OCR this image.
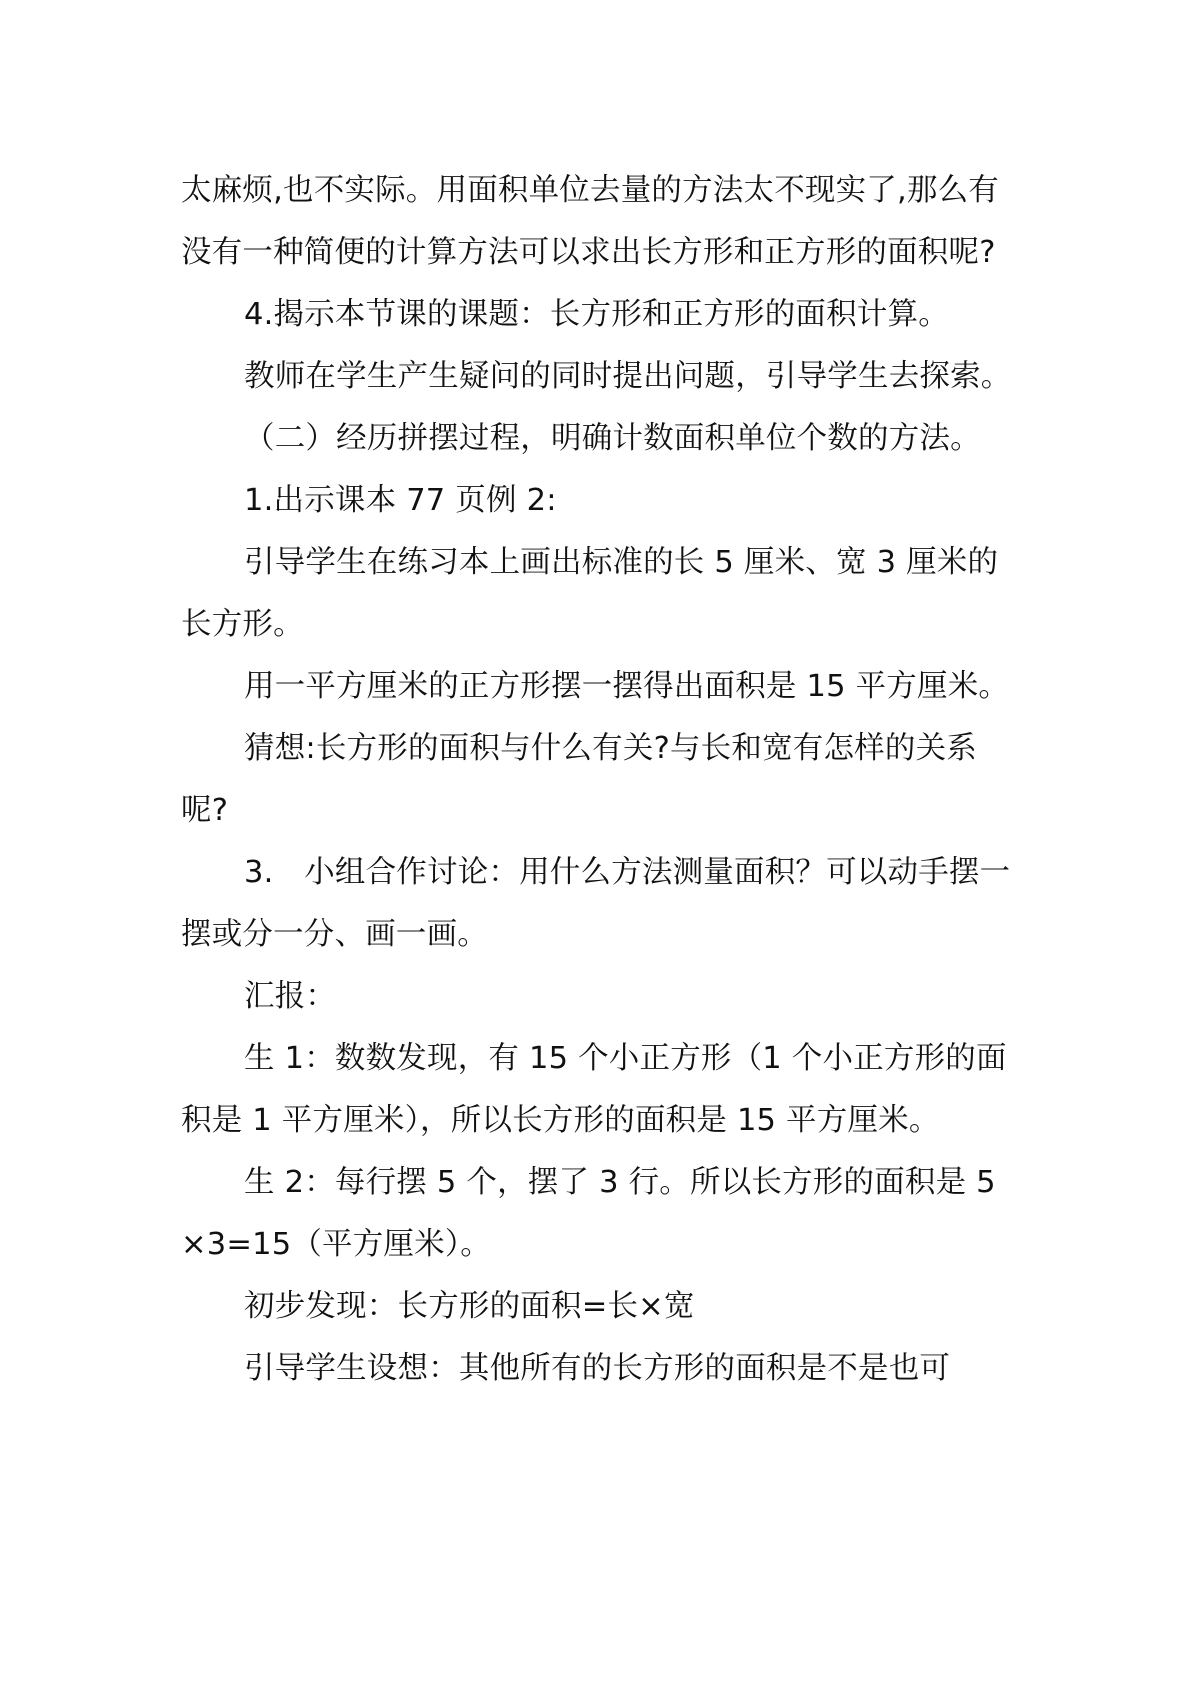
太麻烦,也不实际。用面积单位去量的方法太不现实了,那么有没有一种简便的计算方法可以求出长方形和正方形的面积呢?

4.揭示本节课的课题：长方形和正方形的面积计算。

教师在学生产生疑问的同时提出问题，引导学生去探索。

（二）经历拼摆过程，明确计数面积单位个数的方法。

1.出示课本 77 页例 2:

引导学生在练习本上画出标准的长 5 厘米、宽 3 厘米的长方形。

用一平方厘米的正方形摆一摆得出面积是 15 平方厘米。

猜想:长方形的面积与什么有关?与长和宽有怎样的关系呢?

3.　小组合作讨论：用什么方法测量面积？可以动手摆一摆或分一分、画一画。

汇报：

生 1：数数发现，有 15 个小正方形（1 个小正方形的面积是 1 平方厘米），所以长方形的面积是 15 平方厘米。

生 2：每行摆 5 个，摆了 3 行。所以长方形的面积是 5×3=15（平方厘米）。

初步发现：长方形的面积=长×宽

引导学生设想：其他所有的长方形的面积是不是也可
